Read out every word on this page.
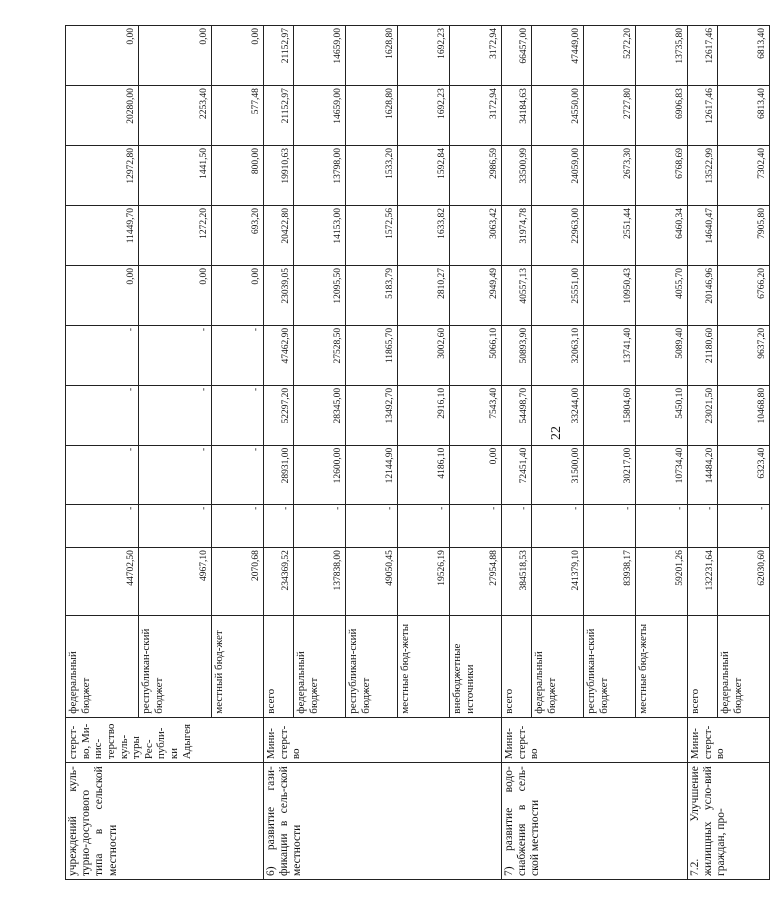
22
учреждений куль-турно-досугового типа в сельской местности	стерст-во, Ми-нис-терство куль-туры Рес-публи-ки Адыгея	федеральный бюджет	44702,50	-	-	-	-	0,00	11449,70	12972,80	20280,00	0,00
		республикан-ский бюджет	4967,10	-	-	-	-	0,00	1272,20	1441,50	2253,40	0,00
		местный бюд-жет	2070,68	-	-	-	-	0,00	693,20	800,00	577,48	0,00
6) развитие гази-фикации в сель-ской местности	Мини-стерст-во	всего	234369,52	-	28931,00	52297,20	47462,90	23039,05	20422,80	19910,63	21152,97	21152,97
		федеральный бюджет	137838,00	-	12600,00	28345,00	27528,50	12095,50	14153,00	13798,00	14659,00	14659,00
		республикан-ский бюджет	49050,45	-	12144,90	13492,70	11865,70	5183,79	1572,56	1533,20	1628,80	1628,80
		местные бюд-жеты	19526,19	-	4186,10	2916,10	3002,60	2810,27	1633,82	1592,84	1692,23	1692,23
		внебюджетные источники	27954,88	-	0,00	7543,40	5066,10	2949,49	3063,42	2986,59	3172,94	3172,94
7) развитие водо-снабжения в сель-ской местности	Мини-стерст-во	всего	384518,53	-	72451,40	54498,70	50893,90	40557,13	31974,78	33500,99	34184,63	66457,00
		федеральный бюджет	241379,10	-	31500,00	33244,00	32063,10	25551,00	22963,00	24059,00	24550,00	47449,00
		республикан-ский бюджет	83938,17	-	30217,00	15804,60	13741,40	10950,43	2551,44	2673,30	2727,80	5272,20
		местные бюд-жеты	59201,26	-	10734,40	5450,10	5089,40	4055,70	6460,34	6768,69	6906,83	13735,80
7.2. Улучшение жилищных усло-вий граждан, про-	Мини-стерст-во	всего	132231,64	-	14484,20	23021,50	21180,60	20146,96	14640,47	13522,99	12617,46	12617,46
		федеральный бюджет	62030,60	-	6323,40	10468,80	9637,20	6766,20	7905,80	7302,40	6813,40	6813,40
